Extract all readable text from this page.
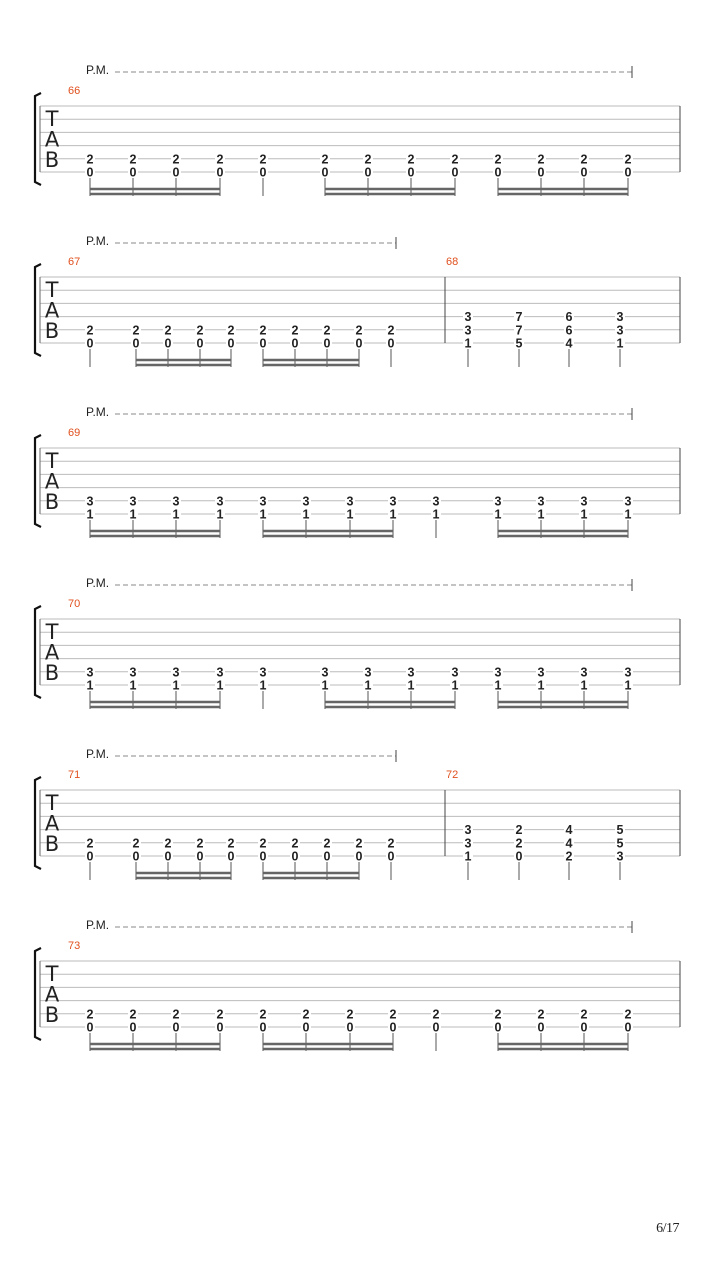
T
A
B
P.M.
66
2
0
2
0
2
0
2
0
2
0
2
0
2
0
2
0
2
0
2
0
2
0
2
0
2
0
T
A
B
P.M.
67
2
0
2
0
2
0
2
0
2
0
2
0
2
0
2
0
2
0
2
0
68
3
3
1
7
7
5
6
6
4
3
3
1
T
A
B
P.M.
69
3
1
3
1
3
1
3
1
3
1
3
1
3
1
3
1
3
1
3
1
3
1
3
1
3
1
T
A
B
P.M.
70
3
1
3
1
3
1
3
1
3
1
3
1
3
1
3
1
3
1
3
1
3
1
3
1
3
1
T
A
B
P.M.
71
2
0
2
0
2
0
2
0
2
0
2
0
2
0
2
0
2
0
2
0
72
3
3
1
2
2
0
4
4
2
5
5
3
T
A
B
P.M.
73
2
0
2
0
2
0
2
0
2
0
2
0
2
0
2
0
2
0
2
0
2
0
2
0
2
0
6/17
